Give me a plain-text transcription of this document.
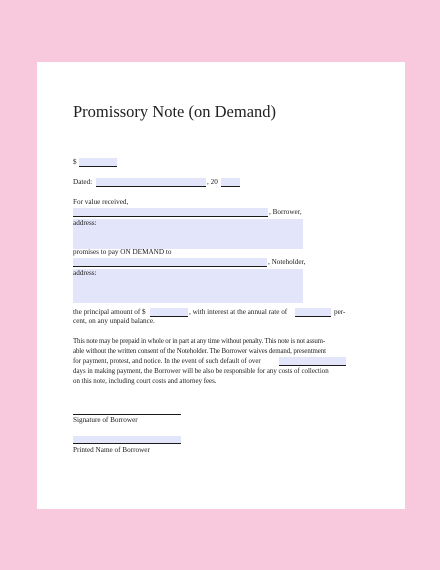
Promissory Note (on Demand)
$
Dated:	, 20
For value received,
, Borrower,
address:
promises to pay ON DEMAND to
, Noteholder,
address:
the principal amount of $	, with interest at the annual rate of	per-
cent, on any unpaid balance.
This note may be prepaid in whole or in part at any time without penalty. This note is not assum-
able without the written consent of the Noteholder. The Borrower waives demand, presentment
for payment, protest, and notice. In the event of such default of over
days in making payment, the Borrower will be also be responsible for any costs of collection
on this note, including court costs and attorney fees.
Signature of Borrower
Printed Name of Borrower
